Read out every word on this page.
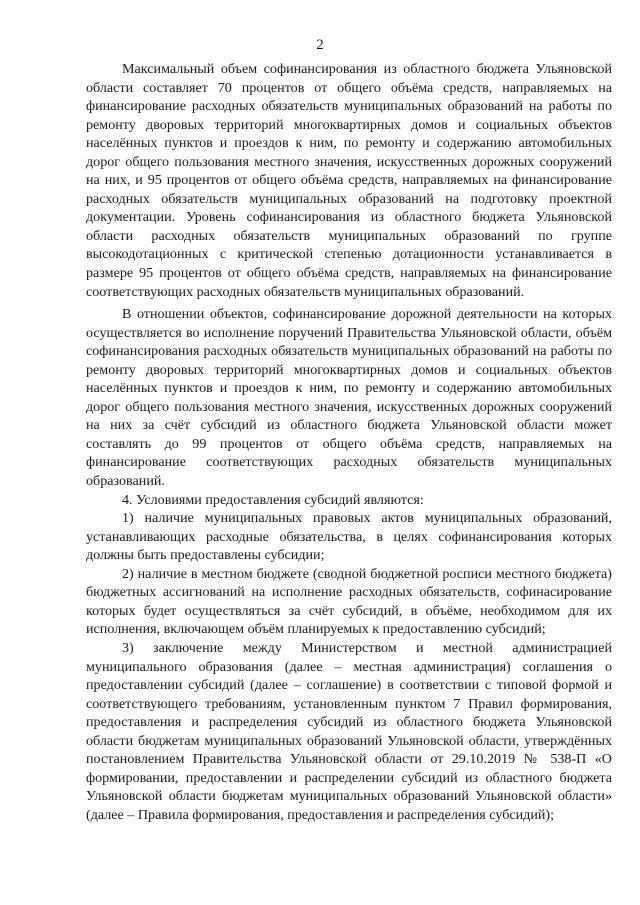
2

Максимальный объем софинансирования из областного бюджета Ульяновской области составляет 70 процентов от общего объёма средств, направляемых на финансирование расходных обязательств муниципальных образований на работы по ремонту дворовых территорий многоквартирных домов и социальных объектов населённых пунктов и проездов к ним, по ремонту и содержанию автомобильных дорог общего пользования местного значения, искусственных дорожных сооружений на них, и 95 процентов от общего объёма средств, направляемых на финансирование расходных обязательств муниципальных образований на подготовку проектной документации. Уровень софинансирования из областного бюджета Ульяновской области расходных обязательств муниципальных образований по группе высокодотационных с критической степенью дотационности устанавливается в размере 95 процентов от общего объёма средств, направляемых на финансирование соответствующих расходных обязательств муниципальных образований.

В отношении объектов, софинансирование дорожной деятельности на которых осуществляется во исполнение поручений Правительства Ульяновской области, объём софинансирования расходных обязательств муниципальных образований на работы по ремонту дворовых территорий многоквартирных домов и социальных объектов населённых пунктов и проездов к ним, по ремонту и содержанию автомобильных дорог общего пользования местного значения, искусственных дорожных сооружений на них за счёт субсидий из областного бюджета Ульяновской области может составлять до 99 процентов от общего объёма средств, направляемых на финансирование соответствующих расходных обязательств муниципальных образований.

4. Условиями предоставления субсидий являются:

1) наличие муниципальных правовых актов муниципальных образований, устанавливающих расходные обязательства, в целях софинансирования которых должны быть предоставлены субсидии;

2) наличие в местном бюджете (сводной бюджетной росписи местного бюджета) бюджетных ассигнований на исполнение расходных обязательств, софинасирование которых будет осуществляться за счёт субсидий, в объёме, необходимом для их исполнения, включающем объём планируемых к предоставлению субсидий;

3) заключение между Министерством и местной администрацией муниципального образования (далее – местная администрация) соглашения о предоставлении субсидий (далее – соглашение) в соответствии с типовой формой и соответствующего требованиям, установленным пунктом 7 Правил формирования, предоставления и распределения субсидий из областного бюджета Ульяновской области бюджетам муниципальных образований Ульяновской области, утверждённых постановлением Правительства Ульяновской области от 29.10.2019 № 538-П «О формировании, предоставлении и распределении субсидий из областного бюджета Ульяновской области бюджетам муниципальных образований Ульяновской области» (далее – Правила формирования, предоставления и распределения субсидий);
